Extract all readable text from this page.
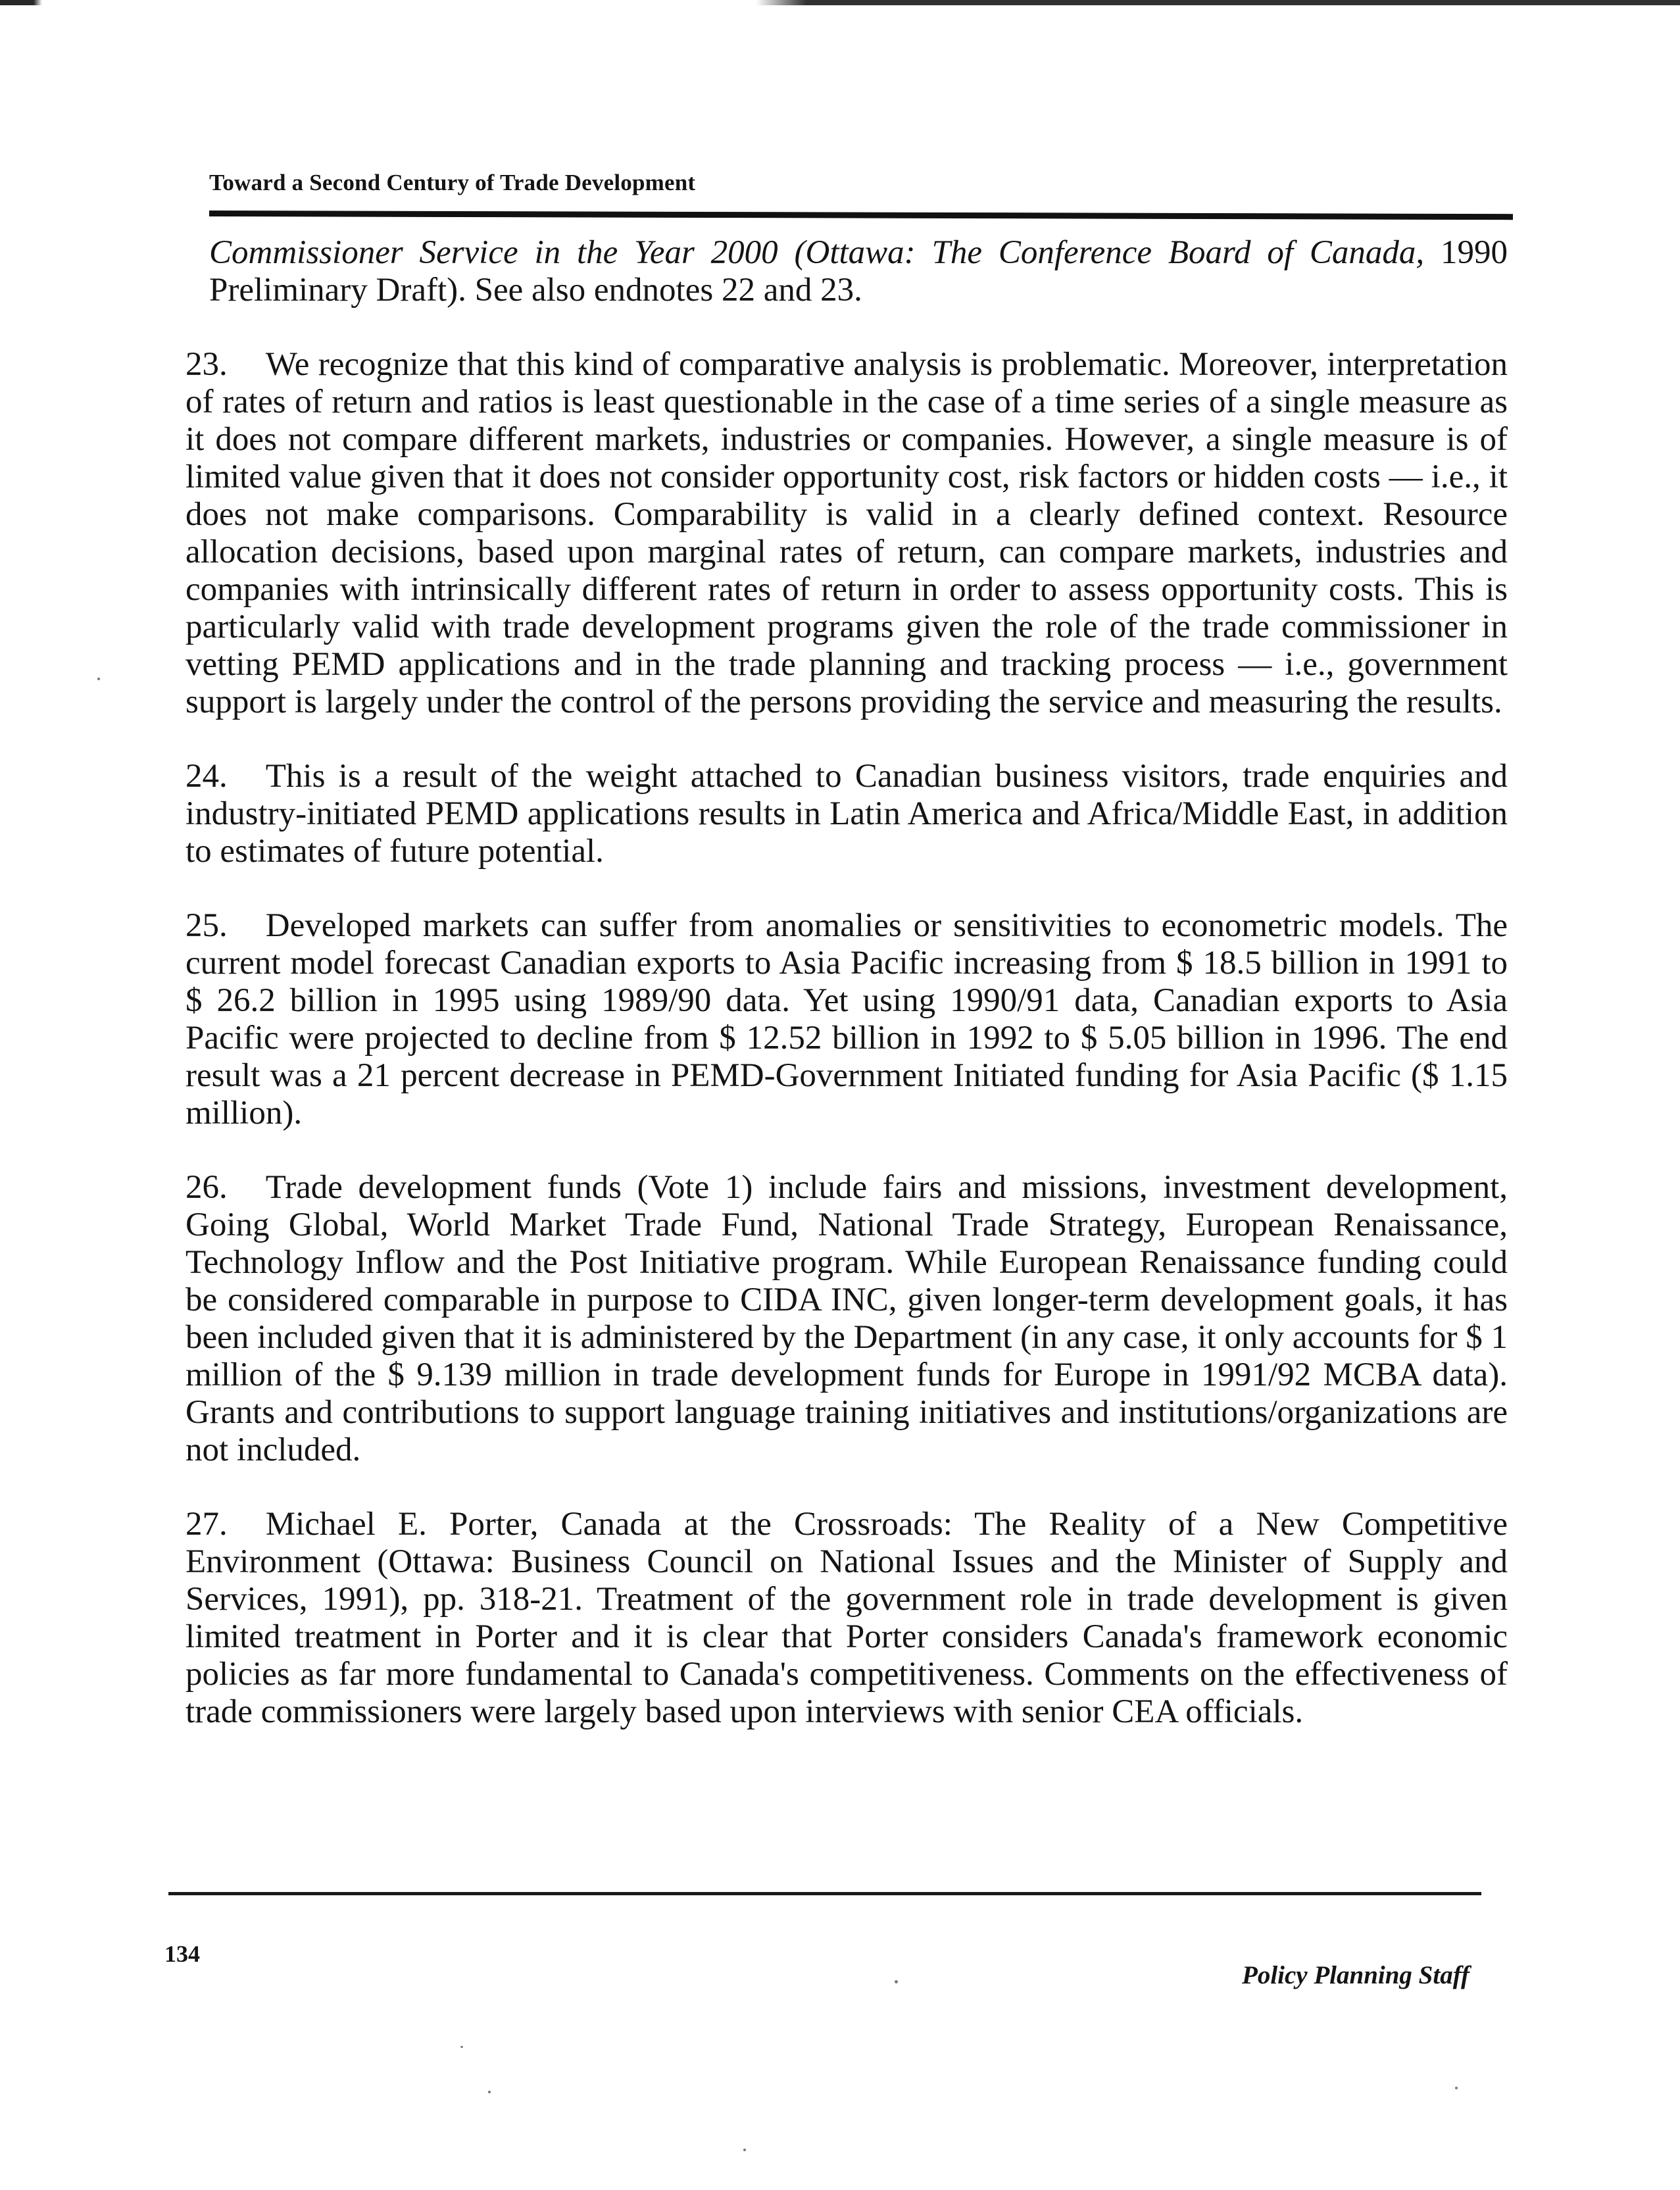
Toward a Second Century of Trade Development

Commissioner Service in the Year 2000 (Ottawa: The Conference Board of Canada, 1990 Preliminary Draft). See also endnotes 22 and 23.

23. We recognize that this kind of comparative analysis is problematic. Moreover, interpretation of rates of return and ratios is least questionable in the case of a time series of a single measure as it does not compare different markets, industries or companies. However, a single measure is of limited value given that it does not consider opportunity cost, risk factors or hidden costs — i.e., it does not make comparisons. Comparability is valid in a clearly defined context. Resource allocation decisions, based upon marginal rates of return, can compare markets, industries and companies with intrinsically different rates of return in order to assess opportunity costs. This is particularly valid with trade development programs given the role of the trade commissioner in vetting PEMD applications and in the trade planning and tracking process — i.e., government support is largely under the control of the persons providing the service and measuring the results.

24. This is a result of the weight attached to Canadian business visitors, trade enquiries and industry-initiated PEMD applications results in Latin America and Africa/Middle East, in addition to estimates of future potential.

25. Developed markets can suffer from anomalies or sensitivities to econometric models. The current model forecast Canadian exports to Asia Pacific increasing from $ 18.5 billion in 1991 to $ 26.2 billion in 1995 using 1989/90 data. Yet using 1990/91 data, Canadian exports to Asia Pacific were projected to decline from $ 12.52 billion in 1992 to $ 5.05 billion in 1996. The end result was a 21 percent decrease in PEMD-Government Initiated funding for Asia Pacific ($ 1.15 million).

26. Trade development funds (Vote 1) include fairs and missions, investment development, Going Global, World Market Trade Fund, National Trade Strategy, European Renaissance, Technology Inflow and the Post Initiative program. While European Renaissance funding could be considered comparable in purpose to CIDA INC, given longer-term development goals, it has been included given that it is administered by the Department (in any case, it only accounts for $ 1 million of the $ 9.139 million in trade development funds for Europe in 1991/92 MCBA data). Grants and contributions to support language training initiatives and institutions/organizations are not included.

27. Michael E. Porter, Canada at the Crossroads: The Reality of a New Competitive Environment (Ottawa: Business Council on National Issues and the Minister of Supply and Services, 1991), pp. 318-21. Treatment of the government role in trade development is given limited treatment in Porter and it is clear that Porter considers Canada's framework economic policies as far more fundamental to Canada's competitiveness. Comments on the effectiveness of trade commissioners were largely based upon interviews with senior CEA officials.

134
Policy Planning Staff
